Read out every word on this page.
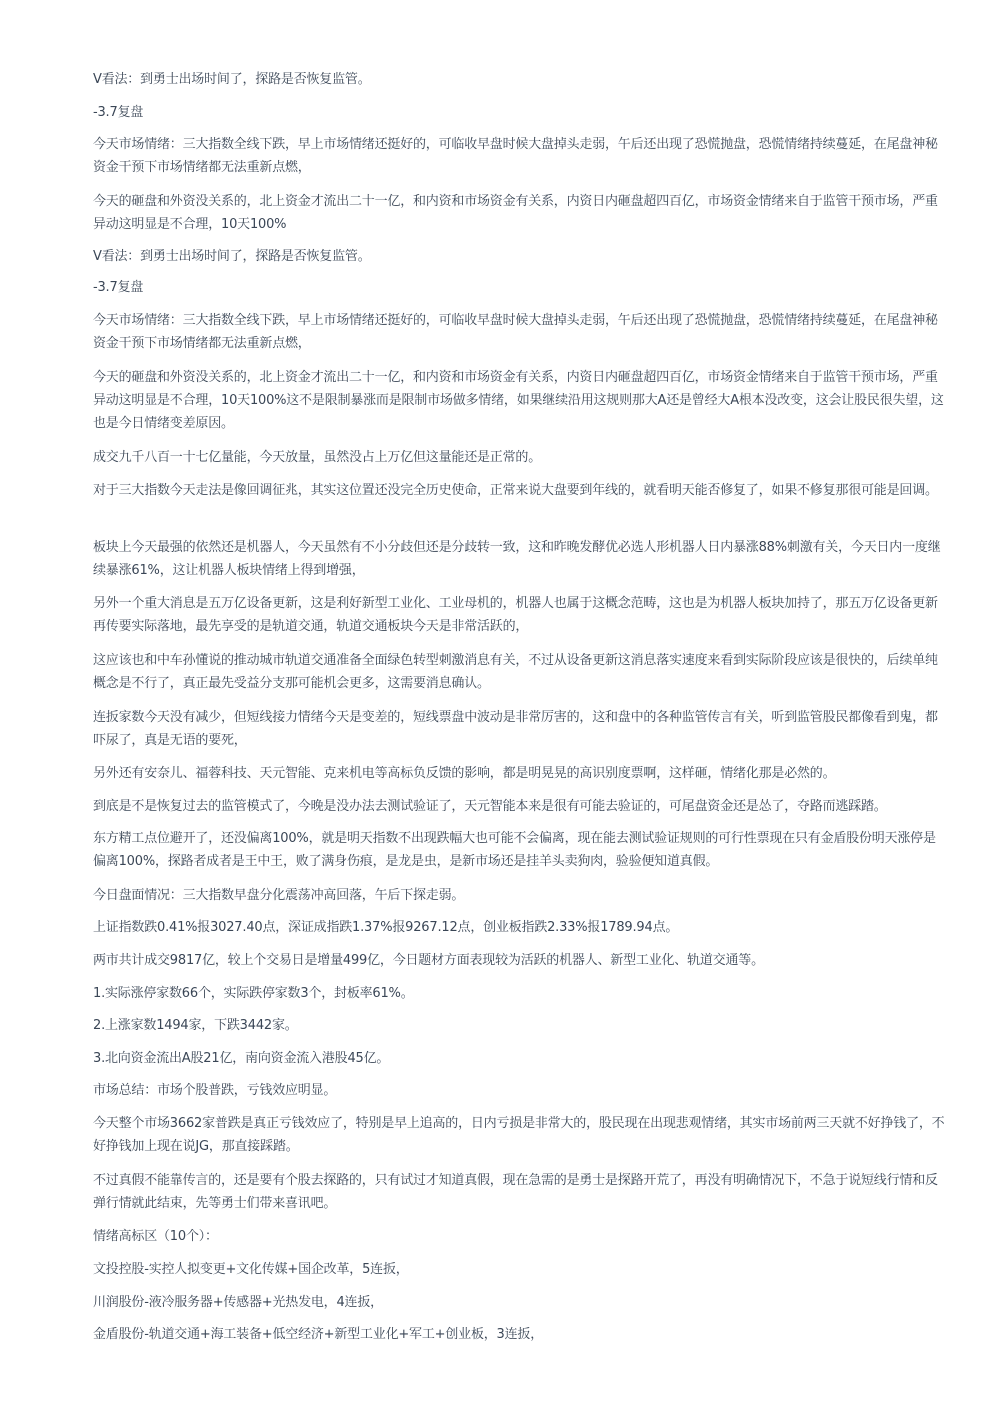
V看法：到勇士出场时间了，探路是否恢复监管。

-3.7复盘

今天市场情绪：三大指数全线下跌，早上市场情绪还挺好的，可临收早盘时候大盘掉头走弱，午后还出现了恐慌抛盘，恐慌情绪持续蔓延，在尾盘神秘资金干预下市场情绪都无法重新点燃，

今天的砸盘和外资没关系的，北上资金才流出二十一亿，和内资和市场资金有关系，内资日内砸盘超四百亿，市场资金情绪来自于监管干预市场，严重异动这明显是不合理，10天100%

V看法：到勇士出场时间了，探路是否恢复监管。

-3.7复盘

今天市场情绪：三大指数全线下跌，早上市场情绪还挺好的，可临收早盘时候大盘掉头走弱，午后还出现了恐慌抛盘，恐慌情绪持续蔓延，在尾盘神秘资金干预下市场情绪都无法重新点燃，

今天的砸盘和外资没关系的，北上资金才流出二十一亿，和内资和市场资金有关系，内资日内砸盘超四百亿，市场资金情绪来自于监管干预市场，严重异动这明显是不合理，10天100%这不是限制暴涨而是限制市场做多情绪，如果继续沿用这规则那大A还是曾经大A根本没改变，这会让股民很失望，这也是今日情绪变差原因。

成交九千八百一十七亿量能，今天放量，虽然没占上万亿但这量能还是正常的。

对于三大指数今天走法是像回调征兆，其实这位置还没完全历史使命，正常来说大盘要到年线的，就看明天能否修复了，如果不修复那很可能是回调。

板块上今天最强的依然还是机器人，今天虽然有不小分歧但还是分歧转一致，这和昨晚发酵优必选人形机器人日内暴涨88%刺激有关，今天日内一度继续暴涨61%，这让机器人板块情绪上得到增强，

另外一个重大消息是五万亿设备更新，这是利好新型工业化、工业母机的，机器人也属于这概念范畴，这也是为机器人板块加持了，那五万亿设备更新再传要实际落地，最先享受的是轨道交通，轨道交通板块今天是非常活跃的，

这应该也和中车孙懂说的推动城市轨道交通准备全面绿色转型刺激消息有关，不过从设备更新这消息落实速度来看到实际阶段应该是很快的，后续单纯概念是不行了，真正最先受益分支那可能机会更多，这需要消息确认。

连扳家数今天没有减少，但短线接力情绪今天是变差的，短线票盘中波动是非常厉害的，这和盘中的各种监管传言有关，听到监管股民都像看到鬼，都吓尿了，真是无语的要死，

另外还有安奈儿、福蓉科技、天元智能、克来机电等高标负反馈的影响，都是明晃晃的高识别度票啊，这样砸，情绪化那是必然的。

到底是不是恢复过去的监管模式了，今晚是没办法去测试验证了，天元智能本来是很有可能去验证的，可尾盘资金还是怂了，夺路而逃踩踏。

东方精工点位避开了，还没偏离100%，就是明天指数不出现跌幅大也可能不会偏离，现在能去测试验证规则的可行性票现在只有金盾股份明天涨停是偏离100%，探路者成者是王中王，败了满身伤痕，是龙是虫，是新市场还是挂羊头卖狗肉，验验便知道真假。

今日盘面情况：三大指数早盘分化震荡冲高回落，午后下探走弱。

上证指数跌0.41%报3027.40点，深证成指跌1.37%报9267.12点，创业板指跌2.33%报1789.94点。

两市共计成交9817亿，较上个交易日是增量499亿，今日题材方面表现较为活跃的机器人、新型工业化、轨道交通等。

1.实际涨停家数66个，实际跌停家数3个，封板率61%。

2.上涨家数1494家，下跌3442家。

3.北向资金流出A股21亿，南向资金流入港股45亿。

市场总结：市场个股普跌，亏钱效应明显。

今天整个市场3662家普跌是真正亏钱效应了，特别是早上追高的，日内亏损是非常大的，股民现在出现悲观情绪，其实市场前两三天就不好挣钱了，不好挣钱加上现在说JG，那直接踩踏。

不过真假不能靠传言的，还是要有个股去探路的，只有试过才知道真假，现在急需的是勇士是探路开荒了，再没有明确情况下，不急于说短线行情和反弹行情就此结束，先等勇士们带来喜讯吧。

情绪高标区（10个）：

文投控股-实控人拟变更+文化传媒+国企改革，5连扳，

川润股份-液冷服务器+传感器+光热发电，4连扳，

金盾股份-轨道交通+海工装备+低空经济+新型工业化+军工+创业板，3连扳，
